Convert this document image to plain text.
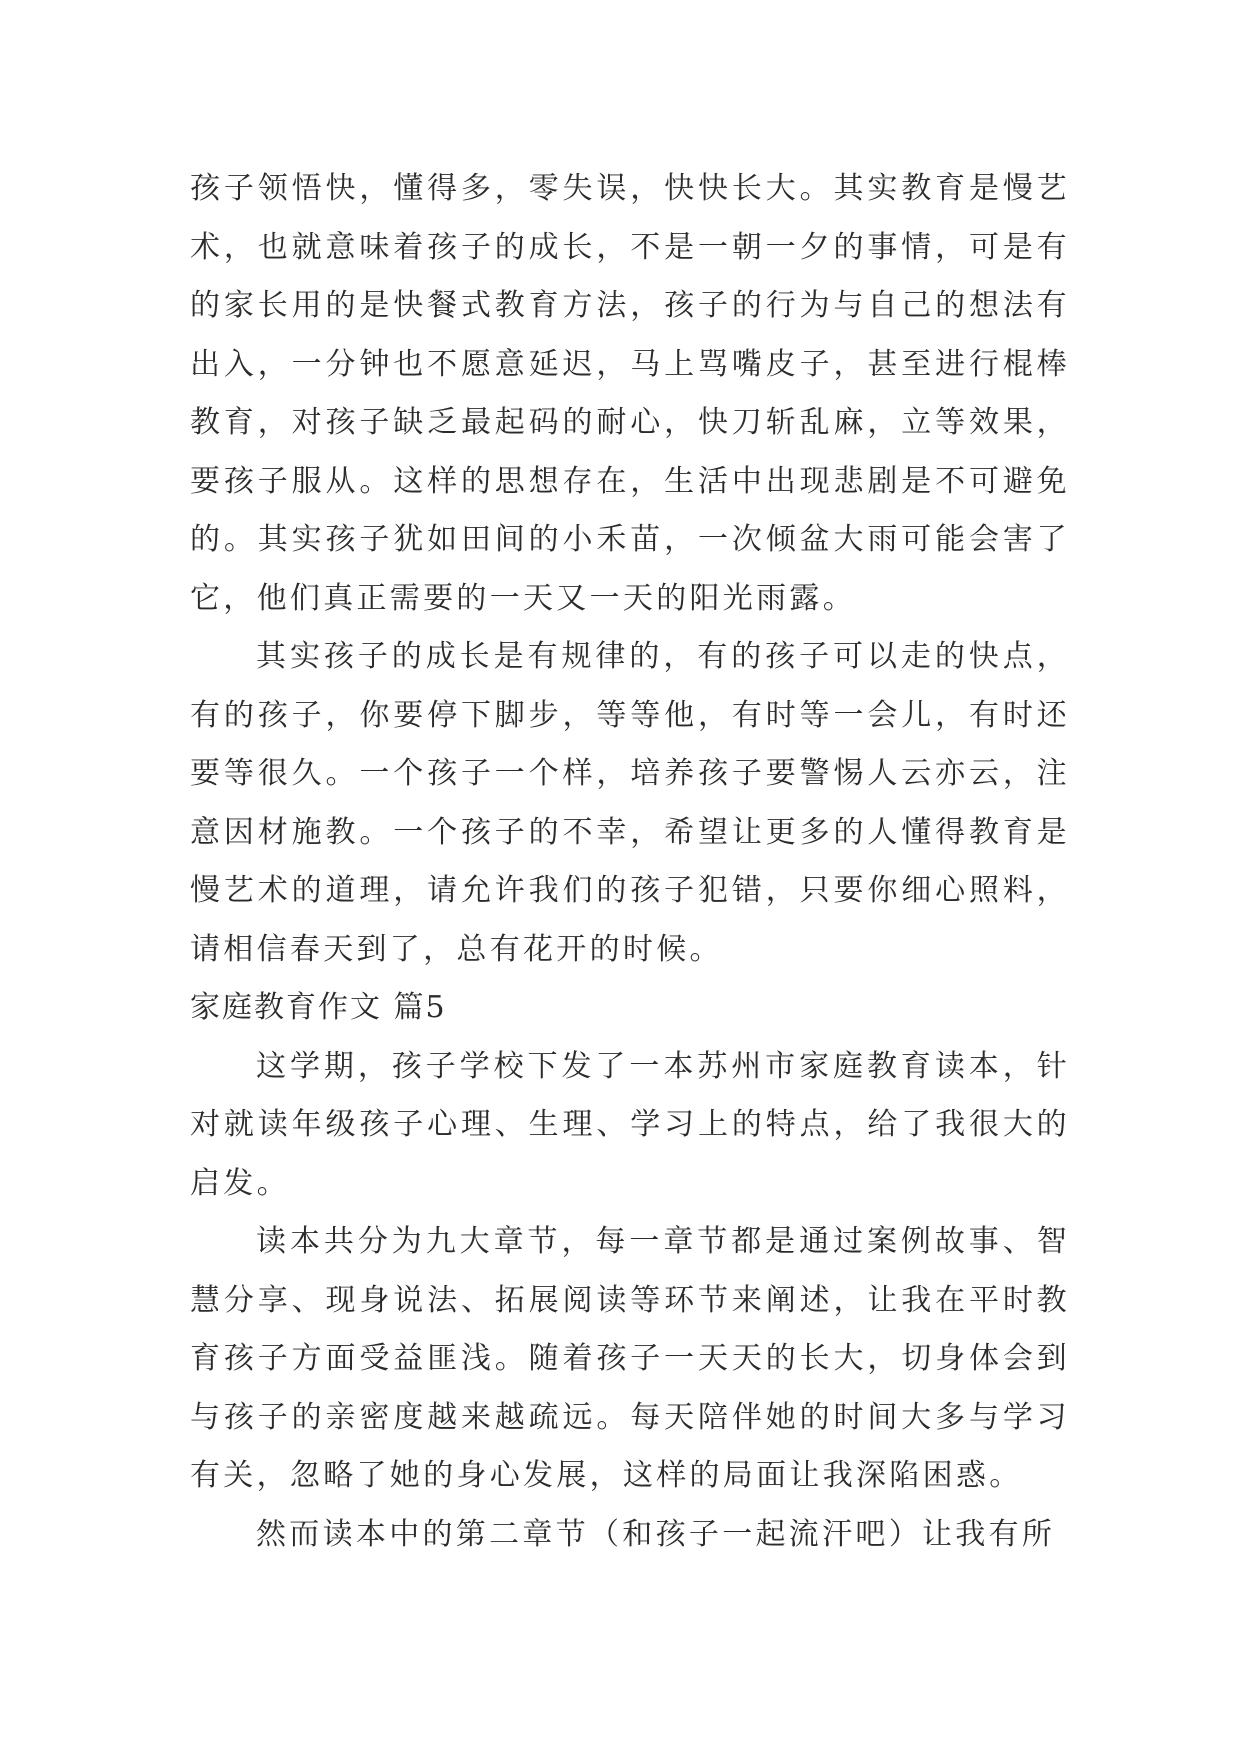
孩子领悟快，懂得多，零失误，快快长大。其实教育是慢艺术，也就意味着孩子的成长，不是一朝一夕的事情，可是有的家长用的是快餐式教育方法，孩子的行为与自己的想法有出入，一分钟也不愿意延迟，马上骂嘴皮子，甚至进行棍棒教育，对孩子缺乏最起码的耐心，快刀斩乱麻，立等效果，要孩子服从。这样的思想存在，生活中出现悲剧是不可避免的。其实孩子犹如田间的小禾苗，一次倾盆大雨可能会害了它，他们真正需要的一天又一天的阳光雨露。

其实孩子的成长是有规律的，有的孩子可以走的快点，有的孩子，你要停下脚步，等等他，有时等一会儿，有时还要等很久。一个孩子一个样，培养孩子要警惕人云亦云，注意因材施教。一个孩子的不幸，希望让更多的人懂得教育是慢艺术的道理，请允许我们的孩子犯错，只要你细心照料，请相信春天到了，总有花开的时候。

家庭教育作文 篇5

这学期，孩子学校下发了一本苏州市家庭教育读本，针对就读年级孩子心理、生理、学习上的特点，给了我很大的启发。

读本共分为九大章节，每一章节都是通过案例故事、智慧分享、现身说法、拓展阅读等环节来阐述，让我在平时教育孩子方面受益匪浅。随着孩子一天天的长大，切身体会到与孩子的亲密度越来越疏远。每天陪伴她的时间大多与学习有关，忽略了她的身心发展，这样的局面让我深陷困惑。

然而读本中的第二章节（和孩子一起流汗吧）让我有所
